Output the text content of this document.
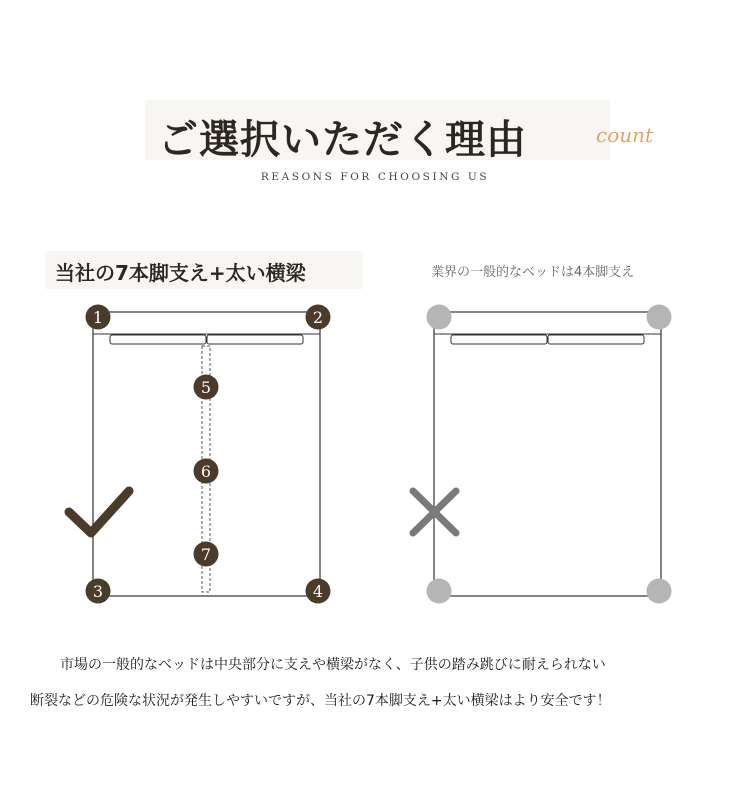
ご選択いただく理由	count
REASONS FOR CHOOSING US
当社の7本脚支え+太い横梁	業界の一般的なベッドは4本脚支え
1	2
3	4
5
6
7
市場の一般的なベッドは中央部分に支えや横梁がなく、子供の踏み跳びに耐えられない
断裂などの危険な状況が発生しやすいですが、当社の7本脚支え+太い横梁はより安全です！
